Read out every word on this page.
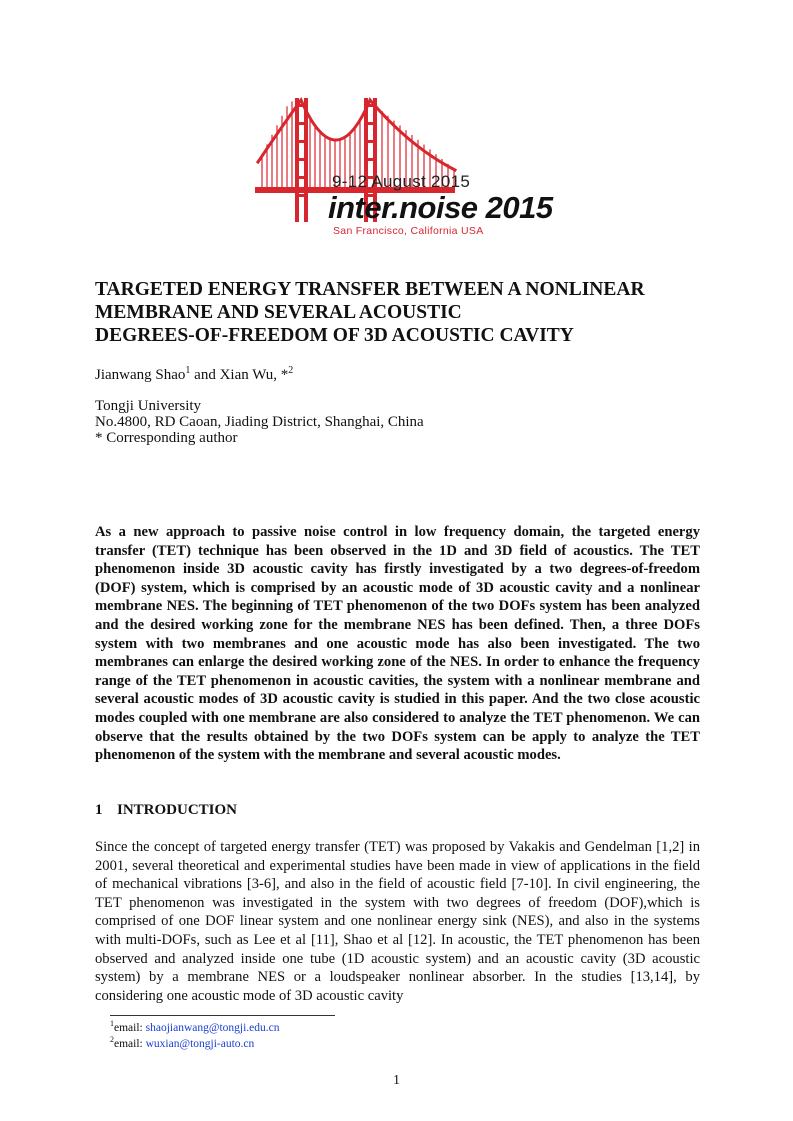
9-12 August 2015
inter.noise 2015
San Francisco, California USA
TARGETED ENERGY TRANSFER BETWEEN A NONLINEAR
MEMBRANE AND SEVERAL ACOUSTIC
DEGREES-OF-FREEDOM OF 3D ACOUSTIC CAVITY
Jianwang Shao$^1$ and Xian Wu, *$^2$
Tongji University
No.4800, RD Caoan, Jiading District, Shanghai, China
* Corresponding author
As a new approach to passive noise control in low frequency domain, the targeted energy transfer (TET) technique has been observed in the 1D and 3D field of acoustics. The TET phenomenon inside 3D acoustic cavity has firstly investigated by a two degrees-of-freedom (DOF) system, which is comprised by an acoustic mode of 3D acoustic cavity and a nonlinear membrane NES. The beginning of TET phenomenon of the two DOFs system has been analyzed and the desired working zone for the membrane NES has been defined. Then, a three DOFs system with two membranes and one acoustic mode has also been investigated. The two membranes can enlarge the desired working zone of the NES. In order to enhance the frequency range of the TET phenomenon in acoustic cavities, the system with a nonlinear membrane and several acoustic modes of 3D acoustic cavity is studied in this paper. And the two close acoustic modes coupled with one membrane are also considered to analyze the TET phenomenon. We can observe that the results obtained by the two DOFs system can be apply to analyze the TET phenomenon of the system with the membrane and several acoustic modes.
1 INTRODUCTION
Since the concept of targeted energy transfer (TET) was proposed by Vakakis and Gendelman [1,2] in 2001, several theoretical and experimental studies have been made in view of applications in the field of mechanical vibrations [3-6], and also in the field of acoustic field [7-10]. In civil engineering, the TET phenomenon was investigated in the system with two degrees of freedom (DOF),which is comprised of one DOF linear system and one nonlinear energy sink (NES), and also in the systems with multi-DOFs, such as Lee et al [11], Shao et al [12]. In acoustic, the TET phenomenon has been observed and analyzed inside one tube (1D acoustic system) and an acoustic cavity (3D acoustic system) by a membrane NES or a loudspeaker nonlinear absorber. In the studies [13,14], by considering one acoustic mode of 3D acoustic cavity
$^1$email: shaojianwang@tongji.edu.cn
$^2$email: wuxian@tongji-auto.cn
1
